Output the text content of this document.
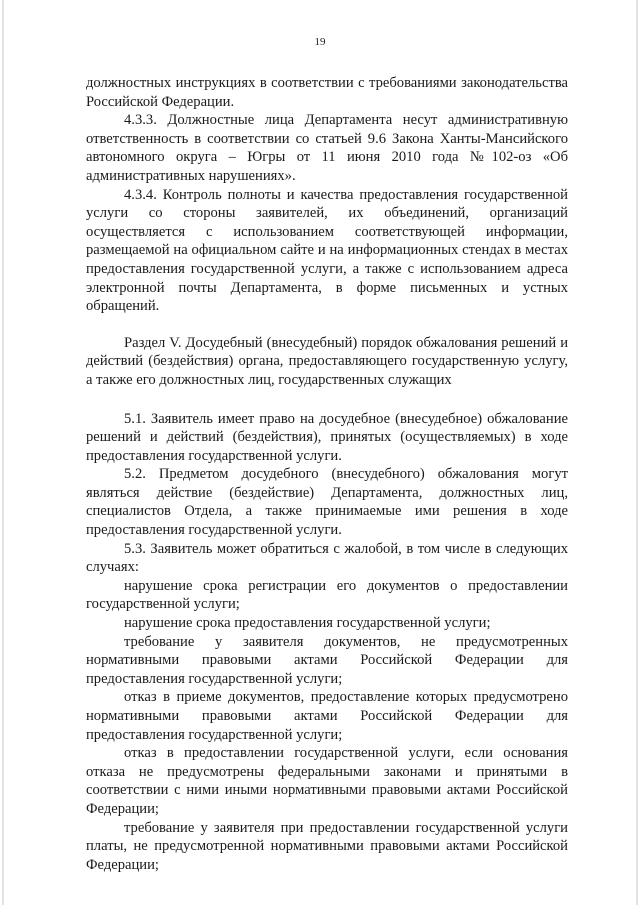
19

должностных инструкциях в соответствии с требованиями законодательства Российской Федерации.

4.3.3. Должностные лица Департамента несут административную ответственность в соответствии со статьей 9.6 Закона Ханты-Мансийского автономного округа – Югры от 11 июня 2010 года №102-оз «Об административных нарушениях».

4.3.4. Контроль полноты и качества предоставления государственной услуги со стороны заявителей, их объединений, организаций осуществляется с использованием соответствующей информации, размещаемой на официальном сайте и на информационных стендах в местах предоставления государственной услуги, а также с использованием адреса электронной почты Департамента, в форме письменных и устных обращений.

Раздел V. Досудебный (внесудебный) порядок обжалования решений и действий (бездействия) органа, предоставляющего государственную услугу, а также его должностных лиц, государственных служащих

5.1. Заявитель имеет право на досудебное (внесудебное) обжалование решений и действий (бездействия), принятых (осуществляемых) в ходе предоставления государственной услуги.

5.2. Предметом досудебного (внесудебного) обжалования могут являться действие (бездействие) Департамента, должностных лиц, специалистов Отдела, а также принимаемые ими решения в ходе предоставления государственной услуги.

5.3. Заявитель может обратиться с жалобой, в том числе в следующих случаях:

нарушение срока регистрации его документов о предоставлении государственной услуги;

нарушение срока предоставления государственной услуги;

требование у заявителя документов, не предусмотренных нормативными правовыми актами Российской Федерации для предоставления государственной услуги;

отказ в приеме документов, предоставление которых предусмотрено нормативными правовыми актами Российской Федерации для предоставления государственной услуги;

отказ в предоставлении государственной услуги, если основания отказа не предусмотрены федеральными законами и принятыми в соответствии с ними иными нормативными правовыми актами Российской Федерации;

требование у заявителя при предоставлении государственной услуги платы, не предусмотренной нормативными правовыми актами Российской Федерации;
